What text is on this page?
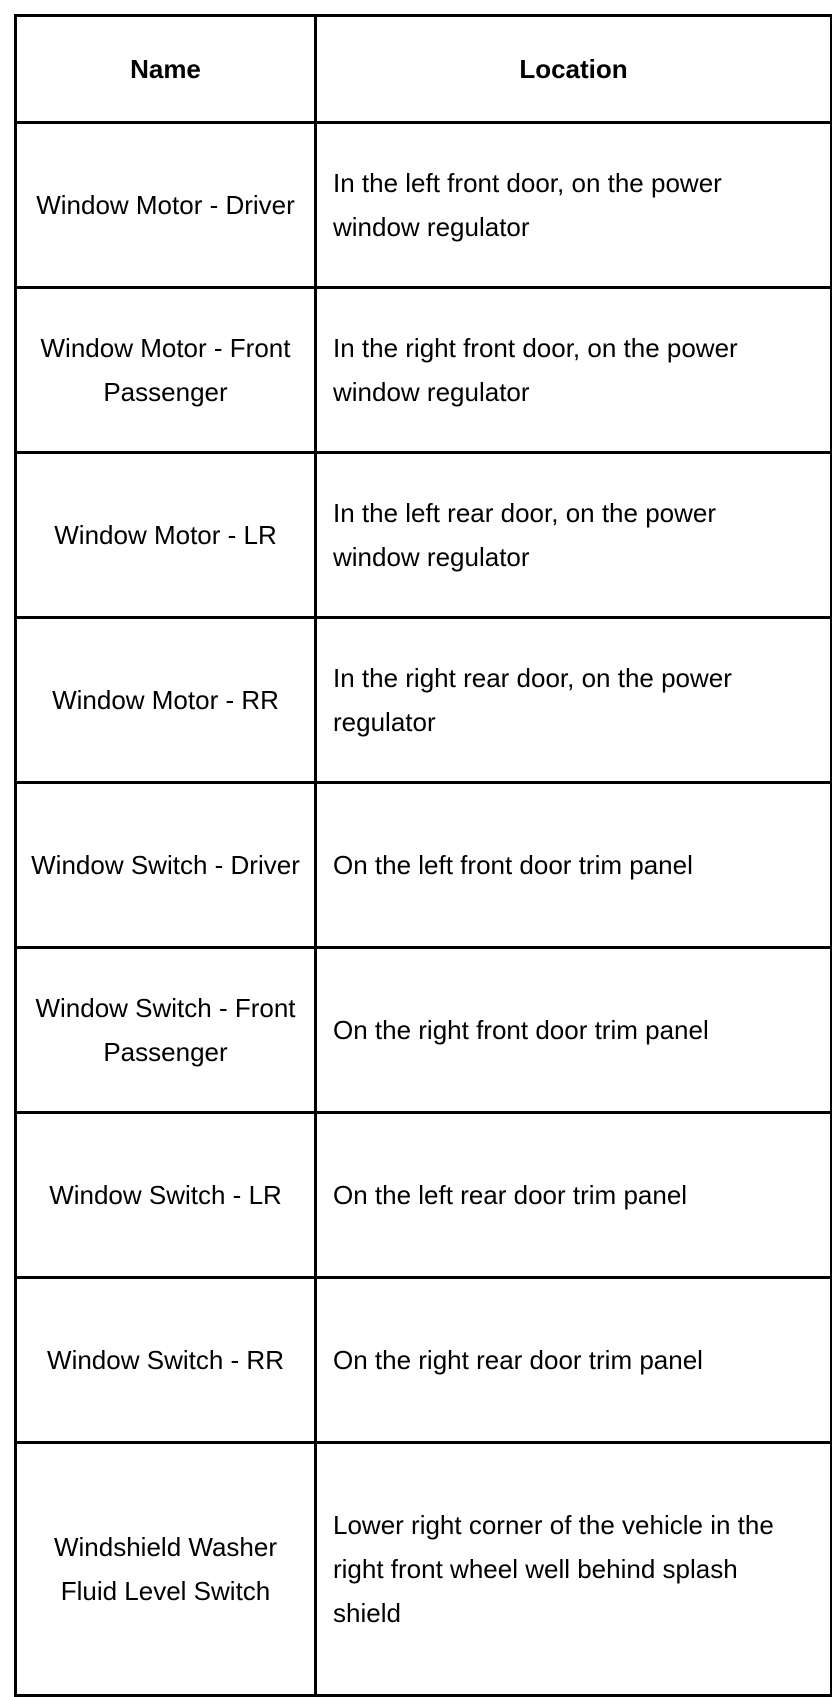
Name	Location
Window Motor - Driver	In the left front door, on the power window regulator
Window Motor - Front Passenger	In the right front door, on the power window regulator
Window Motor - LR	In the left rear door, on the power window regulator
Window Motor - RR	In the right rear door, on the power regulator
Window Switch - Driver	On the left front door trim panel
Window Switch - Front Passenger	On the right front door trim panel
Window Switch - LR	On the left rear door trim panel
Window Switch - RR	On the right rear door trim panel
Windshield Washer Fluid Level Switch	Lower right corner of the vehicle in the right front wheel well behind splash shield
